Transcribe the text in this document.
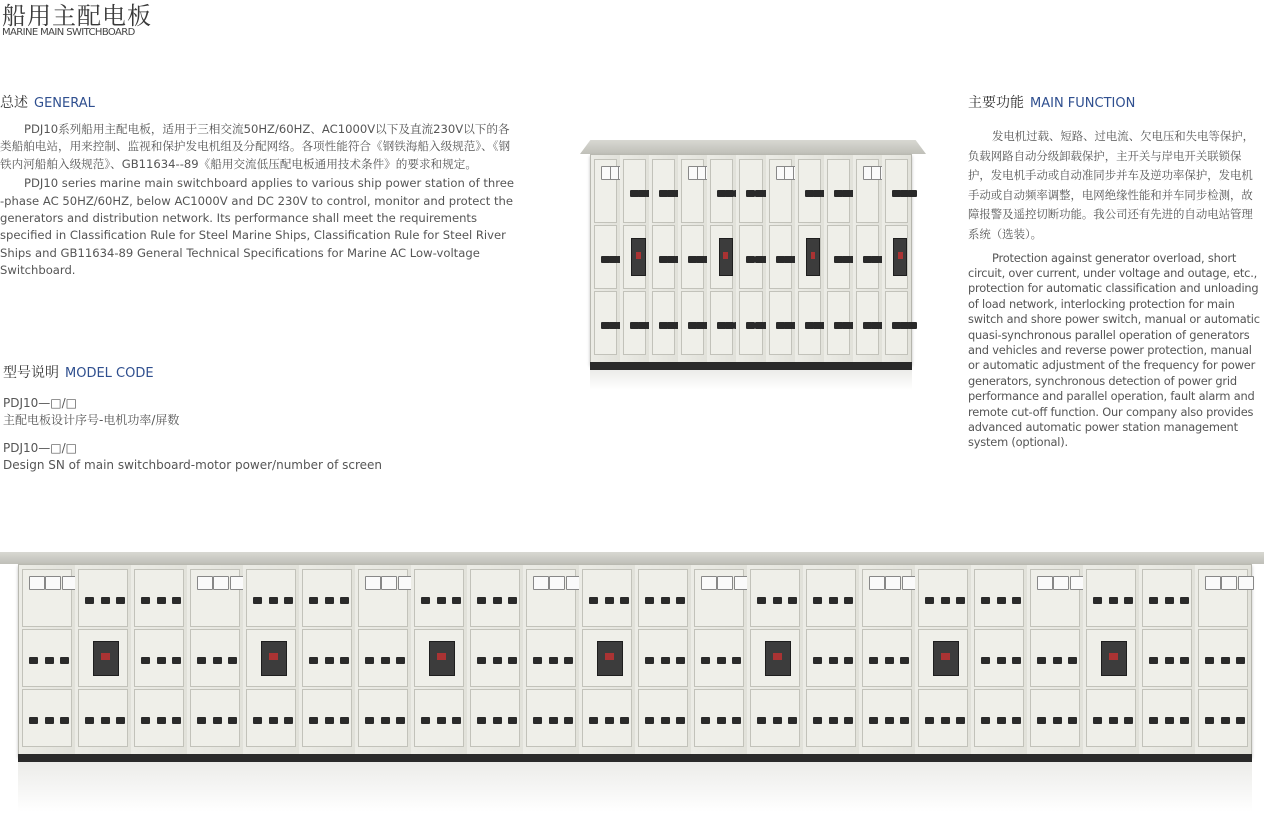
船用主配电板
MARINE MAIN SWITCHBOARD
总述 GENERAL

PDJ10系列船用主配电板，适用于三相交流50HZ/60HZ、AC1000V以下及直流230V以下的各类船舶电站，用来控制、监视和保护发电机组及分配网络。各项性能符合《钢铁海船入级规范》、《钢铁内河船舶入级规范》、GB11634--89《船用交流低压配电板通用技术条件》的要求和规定。

PDJ10 series marine main switchboard applies to various ship power station of three -phase AC 50HZ/60HZ, below AC1000V and DC 230V to control, monitor and protect the generators and distribution network. Its performance shall meet the requirements specified in Classification Rule for Steel Marine Ships, Classification Rule for Steel River Ships and GB11634-89 General Technical Specifications for Marine AC Low-voltage Switchboard.

型号说明 MODEL CODE
PDJ10—□/□
主配电板设计序号-电机功率/屏数
PDJ10—□/□
Design SN of main switchboard-motor power/number of screen
主要功能 MAIN FUNCTION

发电机过载、短路、过电流、欠电压和失电等保护，负载网路自动分级卸载保护，主开关与岸电开关联锁保护，发电机手动或自动准同步并车及逆功率保护，发电机手动或自动频率调整，电网绝缘性能和并车同步检测，故障报警及遥控切断功能。我公司还有先进的自动电站管理系统（选装）。

Protection against generator overload, short circuit, over current, under voltage and outage, etc., protection for automatic classification and unloading of load network, interlocking protection for main switch and shore power switch, manual or automatic quasi-synchronous parallel operation of generators and vehicles and reverse power protection, manual or automatic adjustment of the frequency for power generators, synchronous detection of power grid performance and parallel operation, fault alarm and remote cut-off function. Our company also provides advanced automatic power station management system (optional).
